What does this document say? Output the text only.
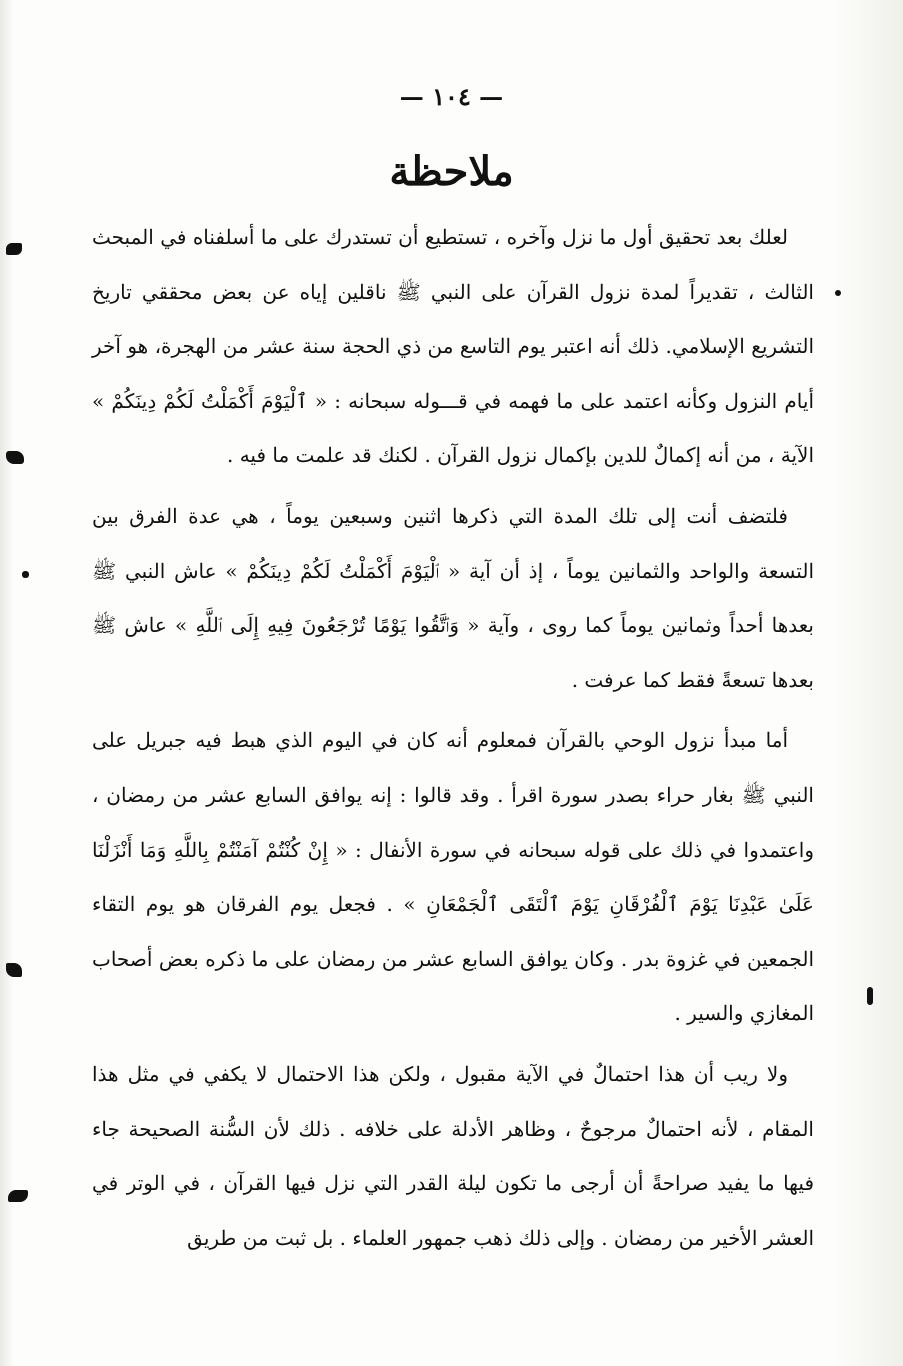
— ١٠٤ —
ملاحظة

لعلك بعد تحقيق أول ما نزل وآخره ، تستطيع أن تستدرك على ما أسلفناه في المبحث الثالث ، تقديراً لمدة نزول القرآن على النبي ﷺ ناقلين إياه عن بعض محققي تاريخ التشريع الإسلامي. ذلك أنه اعتبر يوم التاسع من ذي الحجة سنة عشر من الهجرة، هو آخر أيام النزول وكأنه اعتمد على ما فهمه في قـــوله سبحانه : « ٱلْيَوْمَ أَكْمَلْتُ لَكُمْ دِينَكُمْ » الآية ، من أنه إكمالٌ للدين بإكمال نزول القرآن . لكنك قد علمت ما فيه .

فلتضف أنت إلى تلك المدة التي ذكرها اثنين وسبعين يوماً ، هي عدة الفرق بين التسعة والواحد والثمانين يوماً ، إذ أن آية « ٱلْيَوْمَ أَكْمَلْتُ لَكُمْ دِينَكُمْ » عاش النبي ﷺ بعدها أحداً وثمانين يوماً كما روى ، وآية « وَٱتَّقُوا يَوْمًا تُرْجَعُونَ فِيهِ إِلَى ٱللَّهِ » عاش ﷺ بعدها تسعةً فقط كما عرفت .

أما مبدأ نزول الوحي بالقرآن فمعلوم أنه كان في اليوم الذي هبط فيه جبريل على النبي ﷺ بغار حراء بصدر سورة اقرأ . وقد قالوا : إنه يوافق السابع عشر من رمضان ، واعتمدوا في ذلك على قوله سبحانه في سورة الأنفال : « إِنْ كُنْتُمْ آمَنْتُمْ بِاللَّهِ وَمَا أَنْزَلْنَا عَلَىٰ عَبْدِنَا يَوْمَ ٱلْفُرْقَانِ يَوْمَ ٱلْتَقَى ٱلْجَمْعَانِ » . فجعل يوم الفرقان هو يوم التقاء الجمعين في غزوة بدر . وكان يوافق السابع عشر من رمضان على ما ذكره بعض أصحاب المغازي والسير .

ولا ريب أن هذا احتمالٌ في الآية مقبول ، ولكن هذا الاحتمال لا يكفي في مثل هذا المقام ، لأنه احتمالٌ مرجوحٌ ، وظاهر الأدلة على خلافه . ذلك لأن السُّنة الصحيحة جاء فيها ما يفيد صراحةً أن أرجى ما تكون ليلة القدر التي نزل فيها القرآن ، في الوتر في العشر الأخير من رمضان . وإلى ذلك ذهب جمهور العلماء . بل ثبت من طريق
